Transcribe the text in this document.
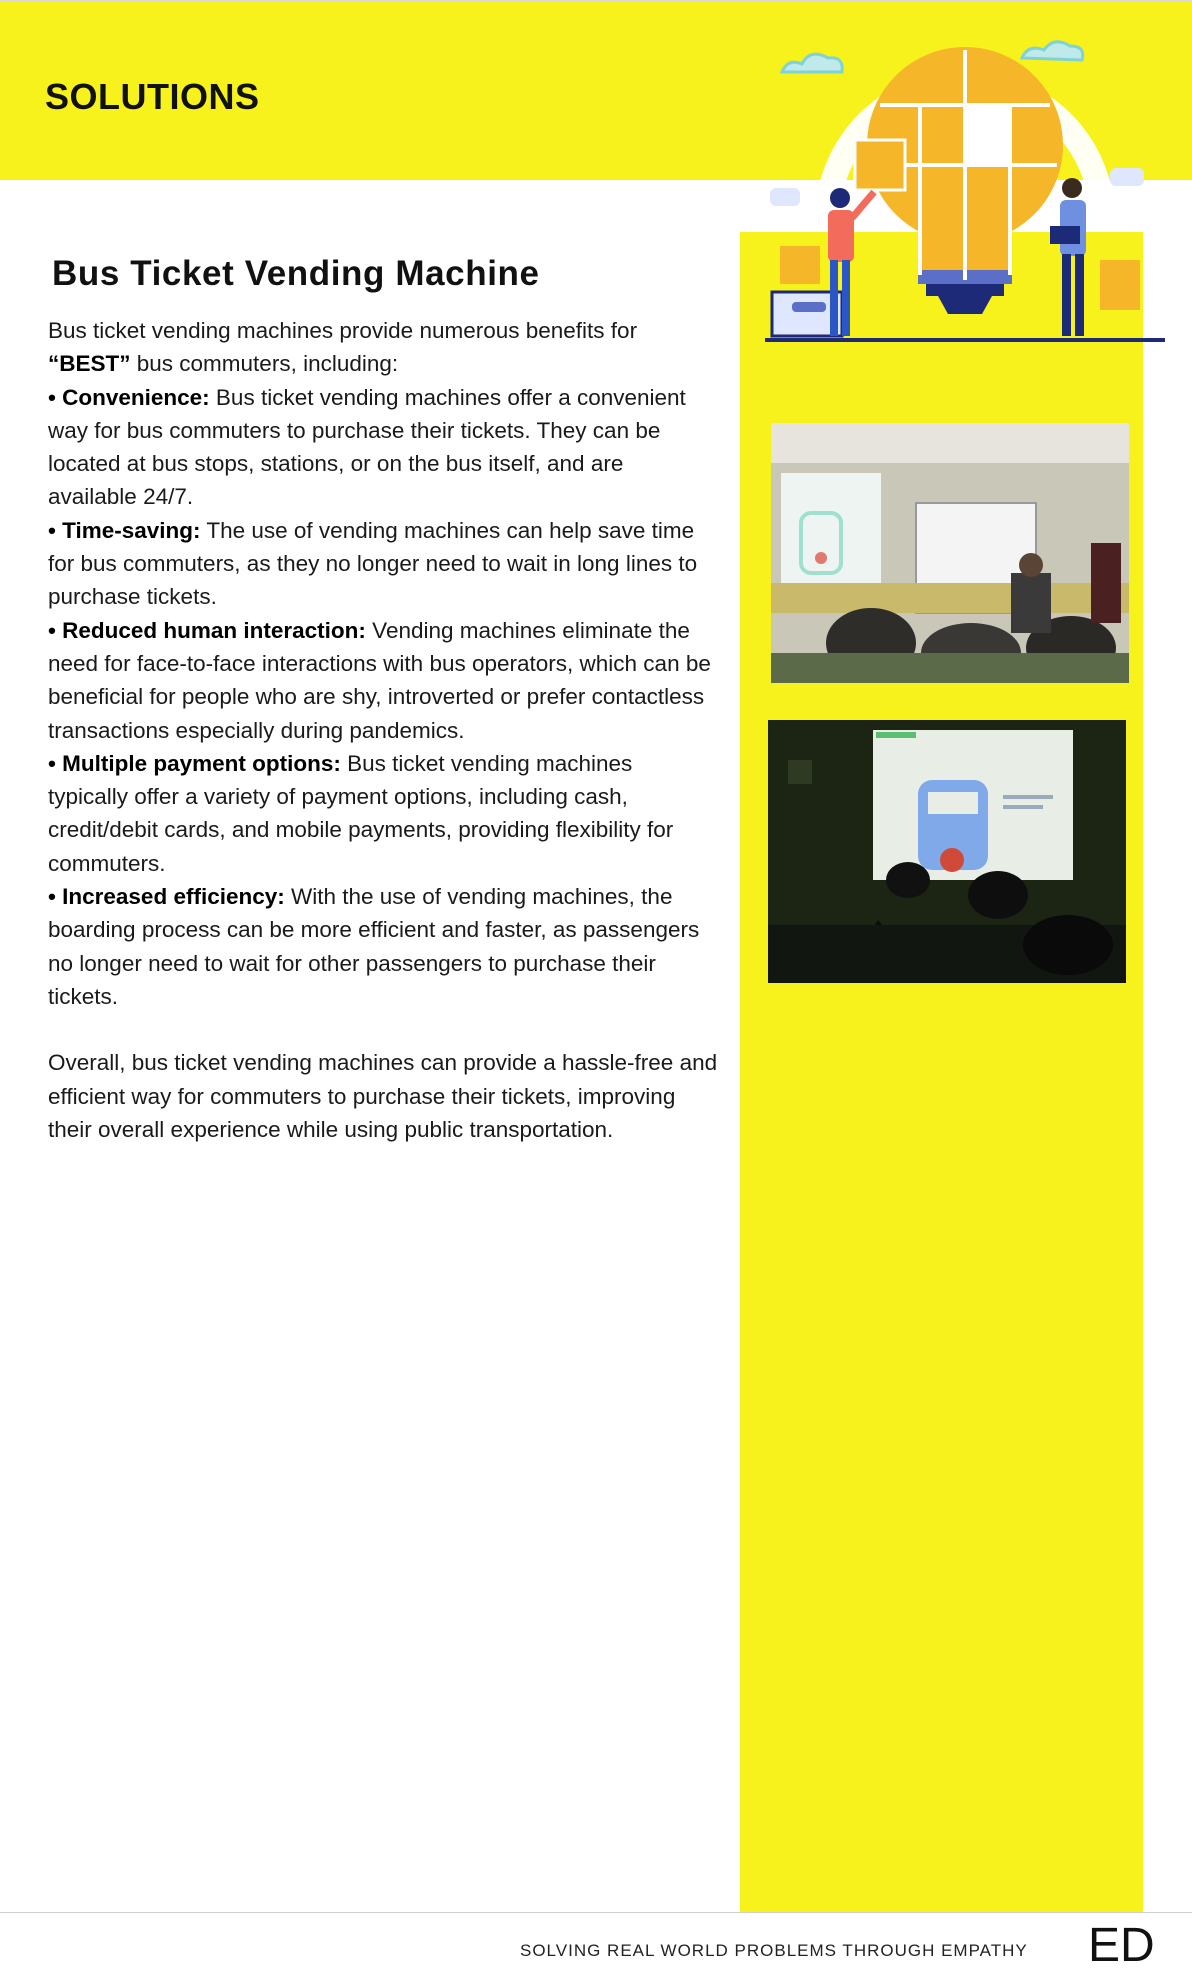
SOLUTIONS
Bus Ticket Vending Machine

Bus ticket vending machines provide numerous benefits for
“BEST” bus commuters, including:

• Convenience: Bus ticket vending machines offer a convenient way for bus commuters to purchase their tickets. They can be located at bus stops, stations, or on the bus itself, and are available 24/7.

• Time-saving: The use of vending machines can help save time for bus commuters, as they no longer need to wait in long lines to purchase tickets.

• Reduced human interaction: Vending machines eliminate the need for face-to-face interactions with bus operators, which can be beneficial for people who are shy, introverted or prefer contactless transactions especially during pandemics.

• Multiple payment options: Bus ticket vending machines typically offer a variety of payment options, including cash, credit/debit cards, and mobile payments, providing flexibility for commuters.

• Increased efficiency: With the use of vending machines, the boarding process can be more efficient and faster, as passengers no longer need to wait for other passengers to purchase their tickets.

Overall, bus ticket vending machines can provide a hassle-free and efficient way for commuters to purchase their tickets, improving their overall experience while using public transportation.

SOLVING REAL WORLD PROBLEMS THROUGH EMPATHY ED
